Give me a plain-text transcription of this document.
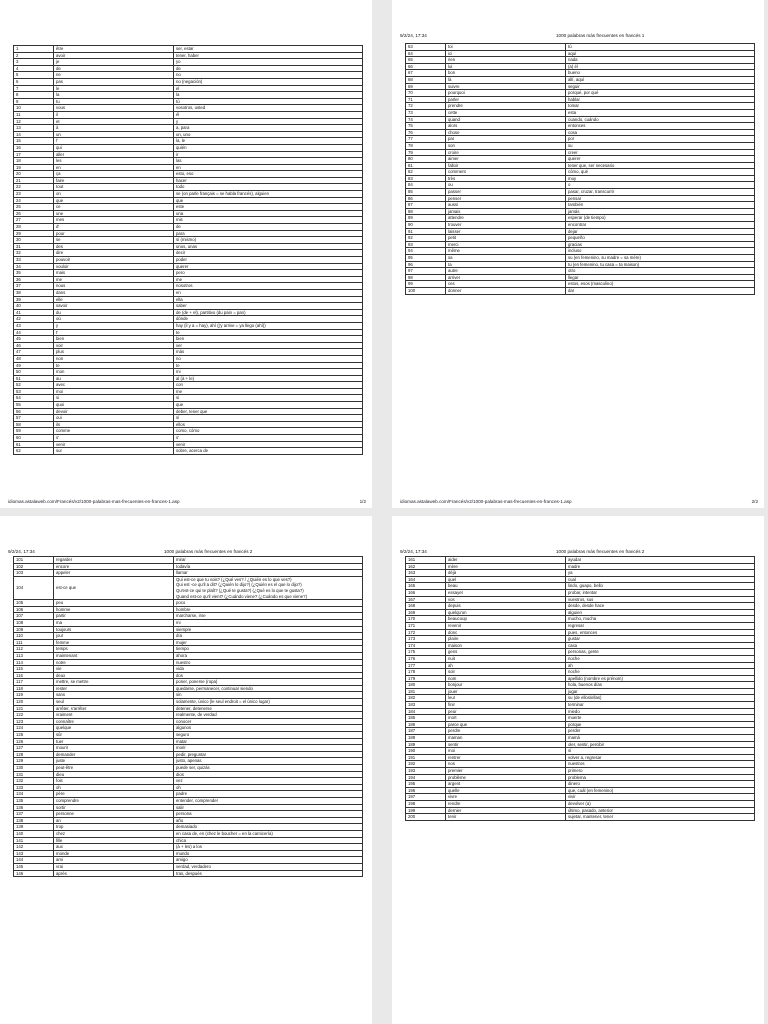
1	être	ser, estar
2	avoir	tener, haber
3	je	yo
4	de	de
5	ne	no
6	pas	no (negación)
7	le	el
8	la	la
9	tu	tú
10	vous	vosotros, usted
11	il	él
12	et	y
13	à	a, para
14	un	un, uno
15	l'	la, le
16	qui	quién
17	aller	ir
18	les	las
19	en	en
20	ça	esto, eso
21	faire	hacer
22	tout	todo
23	on	se (on parle français = se habla francés), alguien
24	que	que
25	ce	este
26	une	una
27	mes	mis
28	d'	de
29	pour	para
30	se	sí (mismo)
31	des	unos, unas
32	dire	decir
33	pouvoir	poder
34	vouloir	querer
35	mais	pero
36	me	me
37	nous	nosotros
38	dans	en
39	elle	ella
40	savoir	saber
41	du	de (de + el), partitivo (du pain = pan)
42	où	dónde
43	y	hay (il y a = hay), ahí (j'y arrive = ya llego (ahí))
44	t'	te
45	bien	bien
46	voir	ver
47	plus	más
48	non	no
49	te	te
50	mon	mi
51	au	al (à + le)
52	avec	con
53	moi	me
54	si	si
55	quoi	que
56	devoir	deber, tener que
57	oui	sí
58	ils	ellos
59	comme	como, cómo
60	s'	s'
61	venir	venir
62	sur	sobre, acerca de
idiomas.astalaweb.com/Francés/v2/1000-palabras-mas-frecuentes-en-frances-1.asp	1/2
9/2/24, 17:34	1000 palabras más frecuentes en francés 1
63	toi	tú
64	ici	aquí
65	rien	nada
66	lui	(a) él
67	bon	bueno
68	là	allí, aquí
69	suivre	seguir
70	pourquoi	porqué, por qué
71	parler	hablar
72	prendre	tomar
73	cette	esta
74	quand	cuando, cuándo
75	alors	entonces
76	chose	cosa
77	par	por
78	son	su
79	croire	creer
80	aimer	querer
81	falloir	tener que, ser necesario
82	comment	cómo, qué
83	très	muy
84	ou	o
85	passer	pasar, cruzar, transcurrir
86	penser	pensar
87	aussi	también
88	jamais	jamás
89	attendre	esperar (de tiempo)
90	trouver	encontrar
91	laisser	dejar
92	petit	pequeño
93	merci	gracias
94	même	incluso
95	sa	su (en femenino, su madre = sa mère)
96	ta	tu (en femenino, tu casa = ta maison)
97	autre	otro
98	arriver	llegar
99	ces	estos, esos (masculino)
100	donner	dar
idiomas.astalaweb.com/Francés/v2/1000-palabras-mas-frecuentes-en-frances-1.asp	2/2
9/2/24, 17:34	1000 palabras más frecuentes en francés 2
101	regarder	mirar
102	encore	todavía
103	appeler	llamar
104	est-ce que	Qui est-ce que tu vois? (¿Qué ves? / ¿Quién es lo que ves?)
Qui est -ce qu'il a dit? (¿Quién lo dijo?) (¿Quién es el que lo dijo?)
Qu'est-ce qui te plaît? (¿Qué te gusta?) (¿Qué es lo que te gusta?)
Quand est-ce qu'il vient? (¿Cuándo viene? (¿Cuándo es que viene?)
105	peu	poco
106	homme	hombre
107	partir	marcharse, irse
108	ma	mi
109	toujours	siempre
110	jour	día
111	femme	mujer
112	temps	tiempo
113	maintenant	ahora
114	notre	nuestro
115	vie	vida
116	deux	dos
117	mettre, se mettre	poner, ponerse (ropa)
118	rester	quedarse, permanecer, continuar siendo
119	sans	sin
120	seul	solamente, único (le seul endroit = el único lugar)
121	arrêter, s'arrêter	detener, detenerse
122	vraiment	realmente, de verdad
123	connaître	conocer
124	quelque	algunos
125	sûr	seguro
126	tuer	matar
127	mourir	morir
128	demander	pedir, preguntar
129	juste	justo, apenas
130	peut-être	puede ser, quizás
131	dieu	dios
132	fois	vez
133	oh	oh
134	père	padre
135	comprendre	entender, comprender
136	sortir	salir
137	personne	persona
138	an	año
139	trop	demasiado
140	chez	en casa de, en (chez le boucher = en la carnicería)
141	fille	chica
142	aux	(à + les) a los
143	monde	mundo
144	ami	amigo
145	vrai	verdad, verdadero
146	après	tras, después
9/2/24, 17:34	1000 palabras más frecuentes en francés 2
161	aider	ayudar
162	mère	madre
163	déjà	ya
164	quel	cual
165	beau	lindo, guapo, bello
166	essayer	probar, intentar
167	vos	vuestros, sus
168	depuis	desde, desde hace
169	quelqu'un	alguien
170	beaucoup	mucho, mucha
171	revenir	regresar
172	donc	pues, entonces
173	plaire	gustar
174	maison	casa
175	gens	personas, gente
176	nuit	noche
177	ah	ah
178	soir	noche
179	nom	apellido (nombre es prénom)
180	bonjour	hola, buenos días
181	jouer	jugar
182	leur	su (de ellos/ellas)
183	finir	terminar
184	peur	miedo
185	mort	muerte
186	parce que	porque
187	perdre	perder
188	maman	mamá
189	sentir	oler, sentir, percibir
190	moi	sí
191	rentrer	volver a, regresar
192	nos	nuestros
193	premier	primero
194	problème	problema
195	argent	dinero
196	quelle	que, cuál (en femenino)
197	vivre	vivir
198	rendre	devolver (a)
199	dernier	último, pasado, anterior
200	tenir	sujetar, mantener, tener
